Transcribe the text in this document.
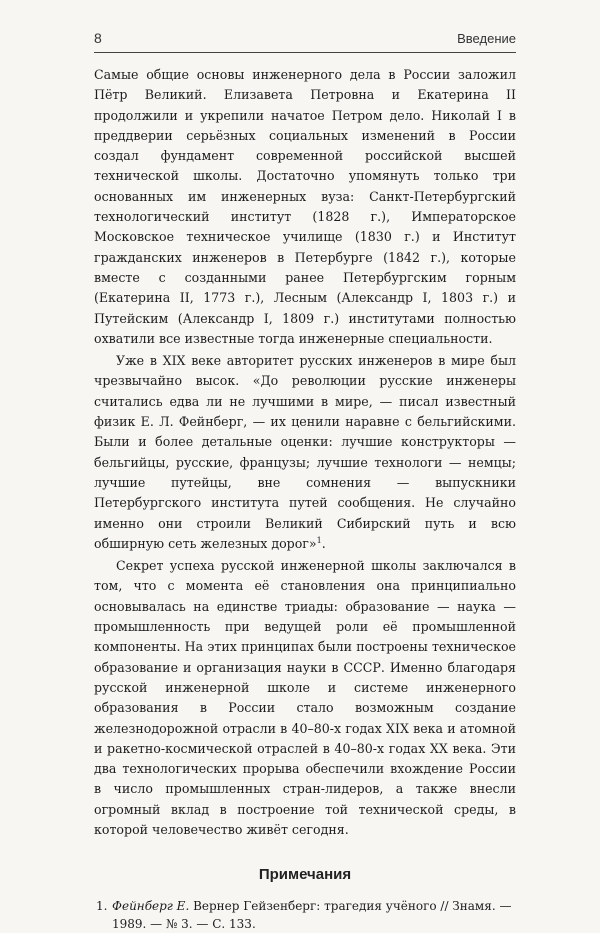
8	Введение

Самые общие основы инженерного дела в России заложил Пётр Великий. Елизавета Петровна и Екатерина II продолжили и укрепили начатое Петром дело. Николай I в преддверии серьёзных социальных изменений в России создал фундамент современной российской высшей технической школы. Достаточно упомянуть только три основанных им инженерных вуза: Санкт-Петербургский технологический институт (1828 г.), Императорское Московское техническое училище (1830 г.) и Институт гражданских инженеров в Петербурге (1842 г.), которые вместе с созданными ранее Петербургским горным (Екатерина II, 1773 г.), Лесным (Александр I, 1803 г.) и Путейским (Александр I, 1809 г.) институтами полностью охватили все известные тогда инженерные специальности.

Уже в XIX веке авторитет русских инженеров в мире был чрезвычайно высок. «До революции русские инженеры считались едва ли не лучшими в мире, — писал известный физик Е. Л. Фейнберг, — их ценили наравне с бельгийскими. Были и более детальные оценки: лучшие конструкторы — бельгийцы, русские, французы; лучшие технологи — немцы; лучшие путейцы, вне сомнения — выпускники Петербургского института путей сообщения. Не случайно именно они строили Великий Сибирский путь и всю обширную сеть железных дорог»$^1$.

Секрет успеха русской инженерной школы заключался в том, что с момента её становления она принципиально основывалась на единстве триады: образование — наука — промышленность при ведущей роли её промышленной компоненты. На этих принципах были построены техническое образование и организация науки в СССР. Именно благодаря русской инженерной школе и системе инженерного образования в России стало возможным создание железнодорожной отрасли в 40–80-х годах XIX века и атомной и ракетно-космической отраслей в 40–80-х годах XX века. Эти два технологических прорыва обеспечили вхождение России в число промышленных стран-лидеров, а также внесли огромный вклад в построение той технической среды, в которой человечество живёт сегодня.

Примечания
1. Фейнберг Е. Вернер Гейзенберг: трагедия учёного // Знамя. — 1989. — № 3. — С. 133.
